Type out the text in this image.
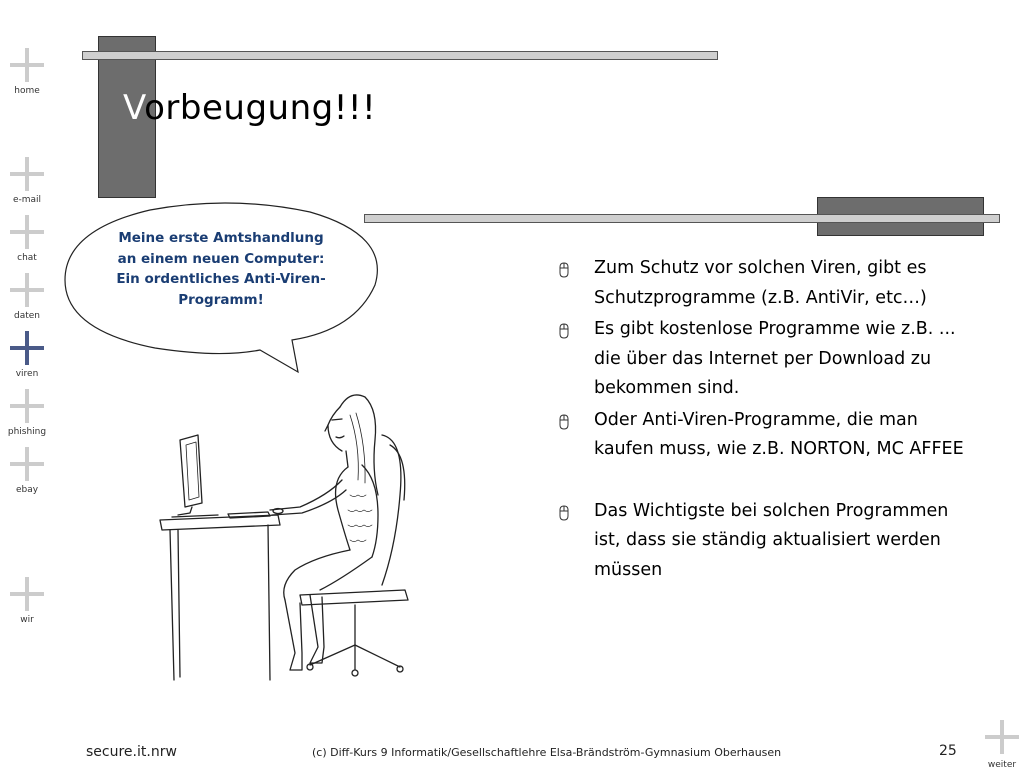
home
e-mail
chat
daten
viren
phishing
ebay
wir
Vorbeugung!!!
Meine erste Amtshandlung an einem neuen Computer: Ein ordentliches Anti-Viren-Programm!
Zum Schutz vor solchen Viren, gibt es Schutzprogramme (z.B. AntiVir, etc…)
Es gibt kostenlose Programme wie z.B. ... die über das Internet per Download zu bekommen sind.
Oder Anti-Viren-Programme, die man kaufen muss, wie z.B. NORTON, MC AFFEE
Das Wichtigste bei solchen Programmen ist, dass sie ständig aktualisiert werden müssen
secure.it.nrw	(c) Diff-Kurs 9 Informatik/Gesellschaftlehre Elsa-Brändström-Gymnasium Oberhausen	25
weiter
